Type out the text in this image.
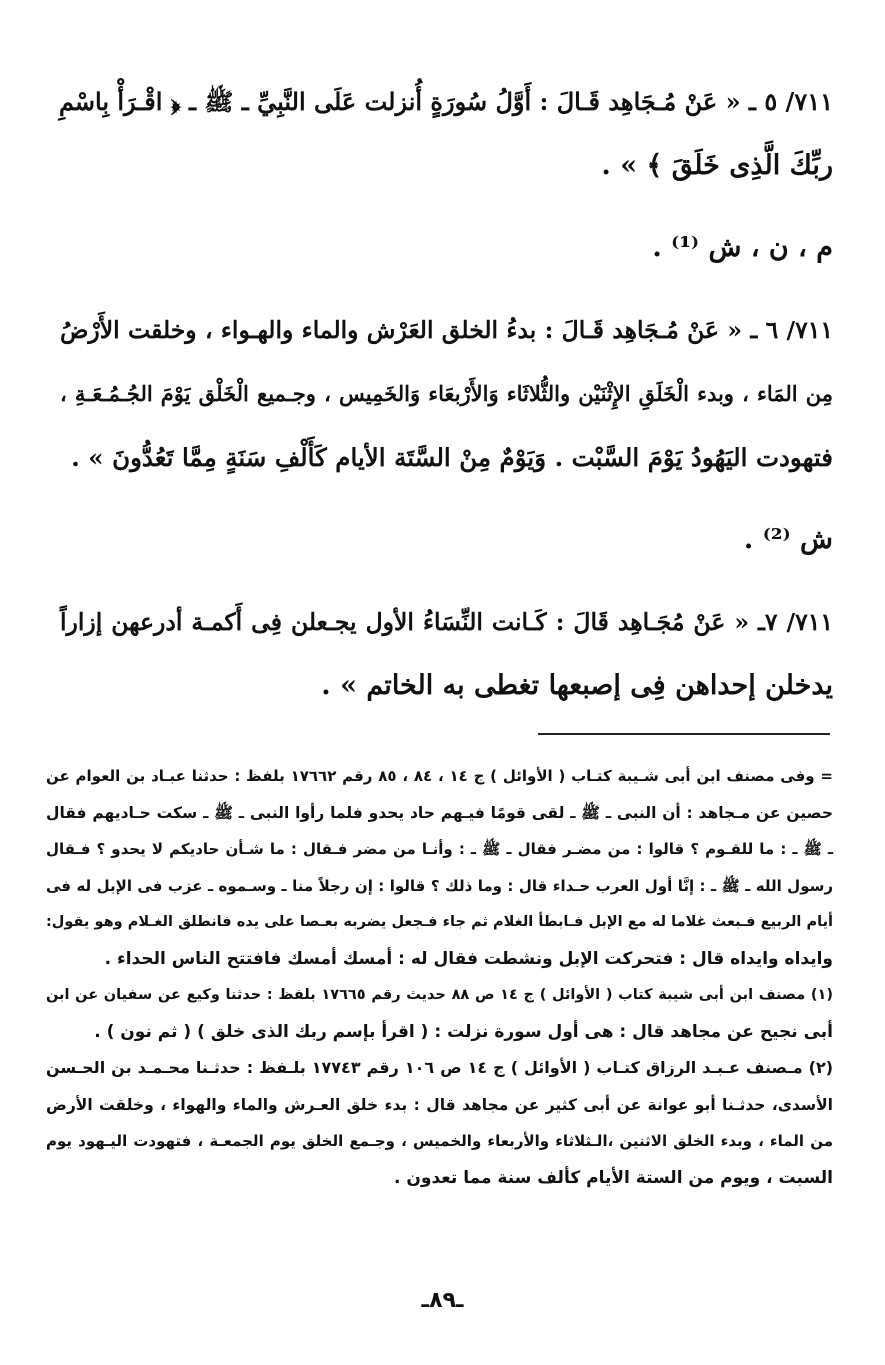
٧١١/ ٥ ـ « عَنْ مُـجَاهِد قَـالَ : أَوَّلُ سُورَةٍ أُنزلت عَلَى النَّبِيِّ ـ ﷺ ـ ﴿ اقْـرَأْ بِاسْمِ
ربِّكَ الَّذِى خَلَقَ ﴾ » .
م ، ن ، ش ⁽¹⁾ .
٧١١/ ٦ ـ « عَنْ مُـجَاهِد قَـالَ : بدءُ الخلق العَرْش والماء والهـواء ، وخلقت الأَرْضُ
مِن المَاء ، وبدء الْخَلَقِ الإِثْنَيْن والثُّلاثَاء وَالأَرْبعَاء وَالخَمِيس ، وجـميع الْخَلْق يَوْمَ الجُـمُـعَـةِ ،
فتهودت اليَهُودُ يَوْمَ السَّبْت . وَيَوْمٌ مِنْ السَّتَة الأيام كَأَلْفِ سَنَةٍ مِمَّا تَعُدُّونَ » .
ش ⁽²⁾ .
٧١١/ ٧ـ « عَنْ مُجَـاهِد قَالَ : كَـانت النِّسَاءُ الأول يجـعلن فِى أَكمـة أدرعهن إزاراً
يدخلن إحداهن فِى إصبعها تغطى به الخاتم » .
= وفى مصنف ابن أبى شـيبة كتـاب ( الأوائل ) ج ١٤ ، ٨٤ ، ٨٥ رقم ١٧٦٦٢ بلفظ : حدثنا عبـاد بن العوام عن
حصين عن مـجاهد : أن النبى ـ ﷺ ـ لقى قومًا فيـهم حاد يحدو فلما رأوا النبى ـ ﷺ ـ سكت حـاديهم فقال
ـ ﷺ ـ : ما للقـوم ؟ قالوا : من مضـر فقال ـ ﷺ ـ : وأنـا من مضر فـقال : ما شـأن حاديكم لا يحدو ؟ فـقال
رسول الله ـ ﷺ ـ : إنَّا أول العرب حـداء قال : وما ذلك ؟ قالوا : إن رجلاً منا ـ وسـموه ـ عزب فى الإبل له فى
أيام الربيع فـبعث غلاما له مع الإبل فـابطأ الغلام ثم جاء فـجعل يضربه بعـصا على يده فانطلق الغـلام وهو يقول:
وايداه وايداه قال : فتحركت الإبل ونشطت فقال له : أمسك أمسك فافتتح الناس الحداء .
(١) مصنف ابن أبى شيبة كتاب ( الأوائل ) ج ١٤ ص ٨٨ حديث رقم ١٧٦٦٥ بلفظ : حدثنا وكيع عن سفيان عن ابن
أبى نجيح عن مجاهد قال : هى أول سورة نزلت : ( اقرأ بإسم ربك الذى خلق ) ( ثم نون ) .
(٢) مـصنف عـبـد الرزاق كتـاب ( الأوائل ) ج ١٤ ص ١٠٦ رقم ١٧٧٤٣ بلـفظ : حدثـنا محـمـد بن الحـسن
الأسدى، حدثـنا أبو عوانة عن أبى كثير عن مجاهد قال : بدء خلق العـرش والماء والهواء ، وخلقت الأرض
من الماء ، وبدء الخلق الاثنين ،الـثلاثاء والأربعاء والخميس ، وجـمع الخلق يوم الجمعـة ، فتهودت اليـهود يوم
السبت ، ويوم من الستة الأيام كألف سنة مما تعدون .
ـ٨٩ـ
